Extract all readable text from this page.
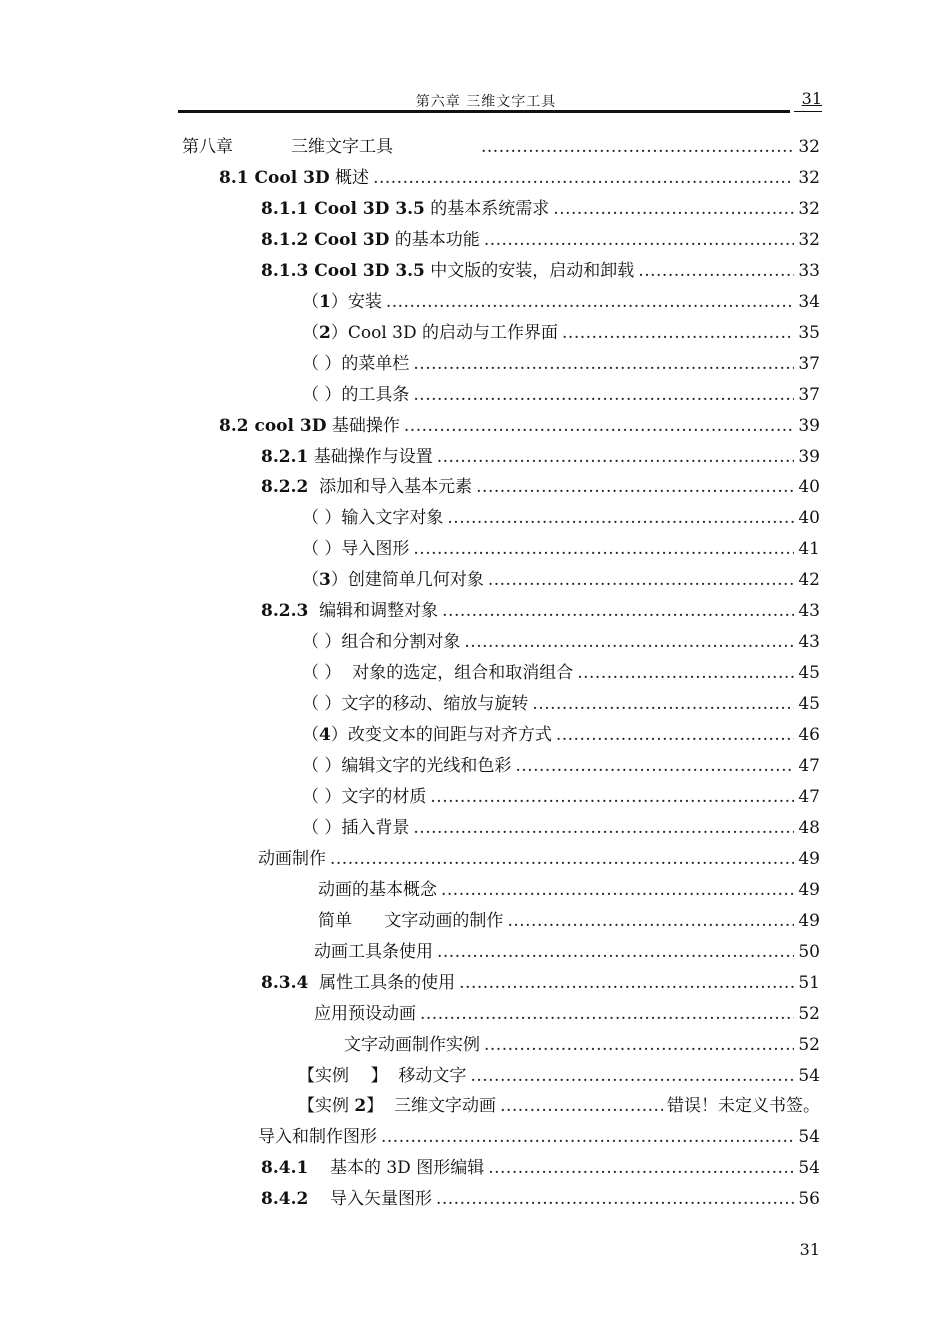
第六章 三维文字工具	31
第八章	三维文字工具 .....	32
8.1 Cool 3D 概述 .....	32
8.1.1 Cool 3D 3.5 的基本系统需求 .....	32
8.1.2 Cool 3D 的基本功能 .....	32
8.1.3 Cool 3D 3.5 中文版的安装，启动和卸载 .....	33
（1）安装 .....	34
（2）Cool 3D 的启动与工作界面 .....	35
（ ）的菜单栏 .....	37
（ ）的工具条 .....	37
8.2 cool 3D 基础操作 .....	39
8.2.1 基础操作与设置 .....	39
8.2.2  添加和导入基本元素 .....	40
（ ）输入文字对象 .....	40
（ ）导入图形 .....	41
（3）创建简单几何对象 .....	42
8.2.3  编辑和调整对象 .....	43
（ ）组合和分割对象 .....	43
（ ）  对象的选定，组合和取消组合 .....	45
（ ）文字的移动、缩放与旋转 .....	45
（4）改变文本的间距与对齐方式 .....	46
（ ）编辑文字的光线和色彩 .....	47
（ ）文字的材质 .....	47
（ ）插入背景 .....	48
动画制作 .....	49
动画的基本概念 .....	49
简单      文字动画的制作 .....	49
动画工具条使用 .....	50
8.3.4  属性工具条的使用 .....	51
应用预设动画 .....	52
文字动画制作实例 .....	52
【实例    】  移动文字 .....	54
【实例 2】  三维文字动画 .....	错误！未定义书签。
导入和制作图形 .....	54
8.4.1    基本的 3D 图形编辑 .....	54
8.4.2    导入矢量图形 .....	56
31
